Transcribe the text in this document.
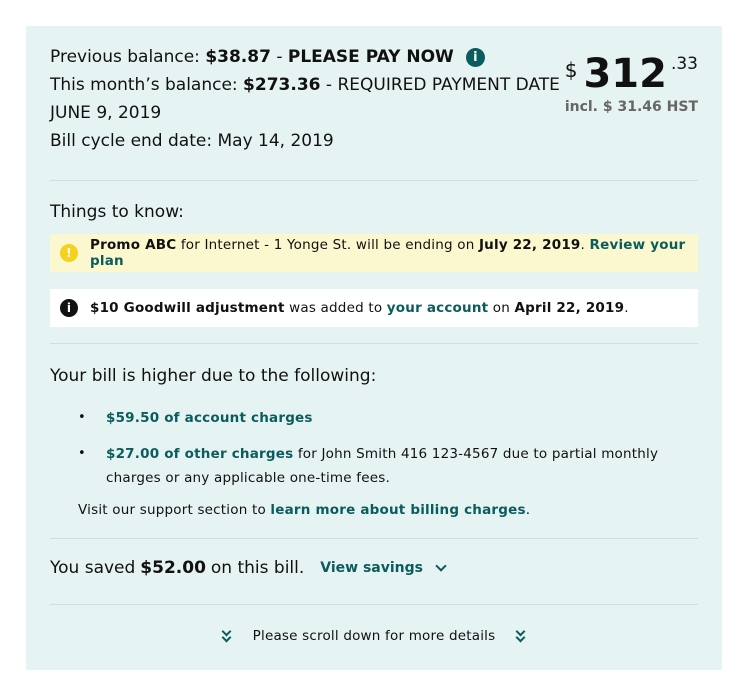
Previous balance: $38.87 - PLEASE PAY NOW i
This month’s balance: $273.36 - REQUIRED PAYMENT DATE
JUNE 9, 2019
Bill cycle end date: May 14, 2019
$ 312 .33
incl. $ 31.46 HST
Things to know:
!	Promo ABC for Internet - 1 Yonge St. will be ending on July 22, 2019. Review your plan
i	$10 Goodwill adjustment was added to your account on April 22, 2019.
Your bill is higher due to the following:
• $59.50 of account charges
• $27.00 of other charges for John Smith 416 123-4567 due to partial monthly charges or any applicable one-time fees.
Visit our support section to learn more about billing charges.
You saved $52.00 on this bill. View savings
Please scroll down for more details
